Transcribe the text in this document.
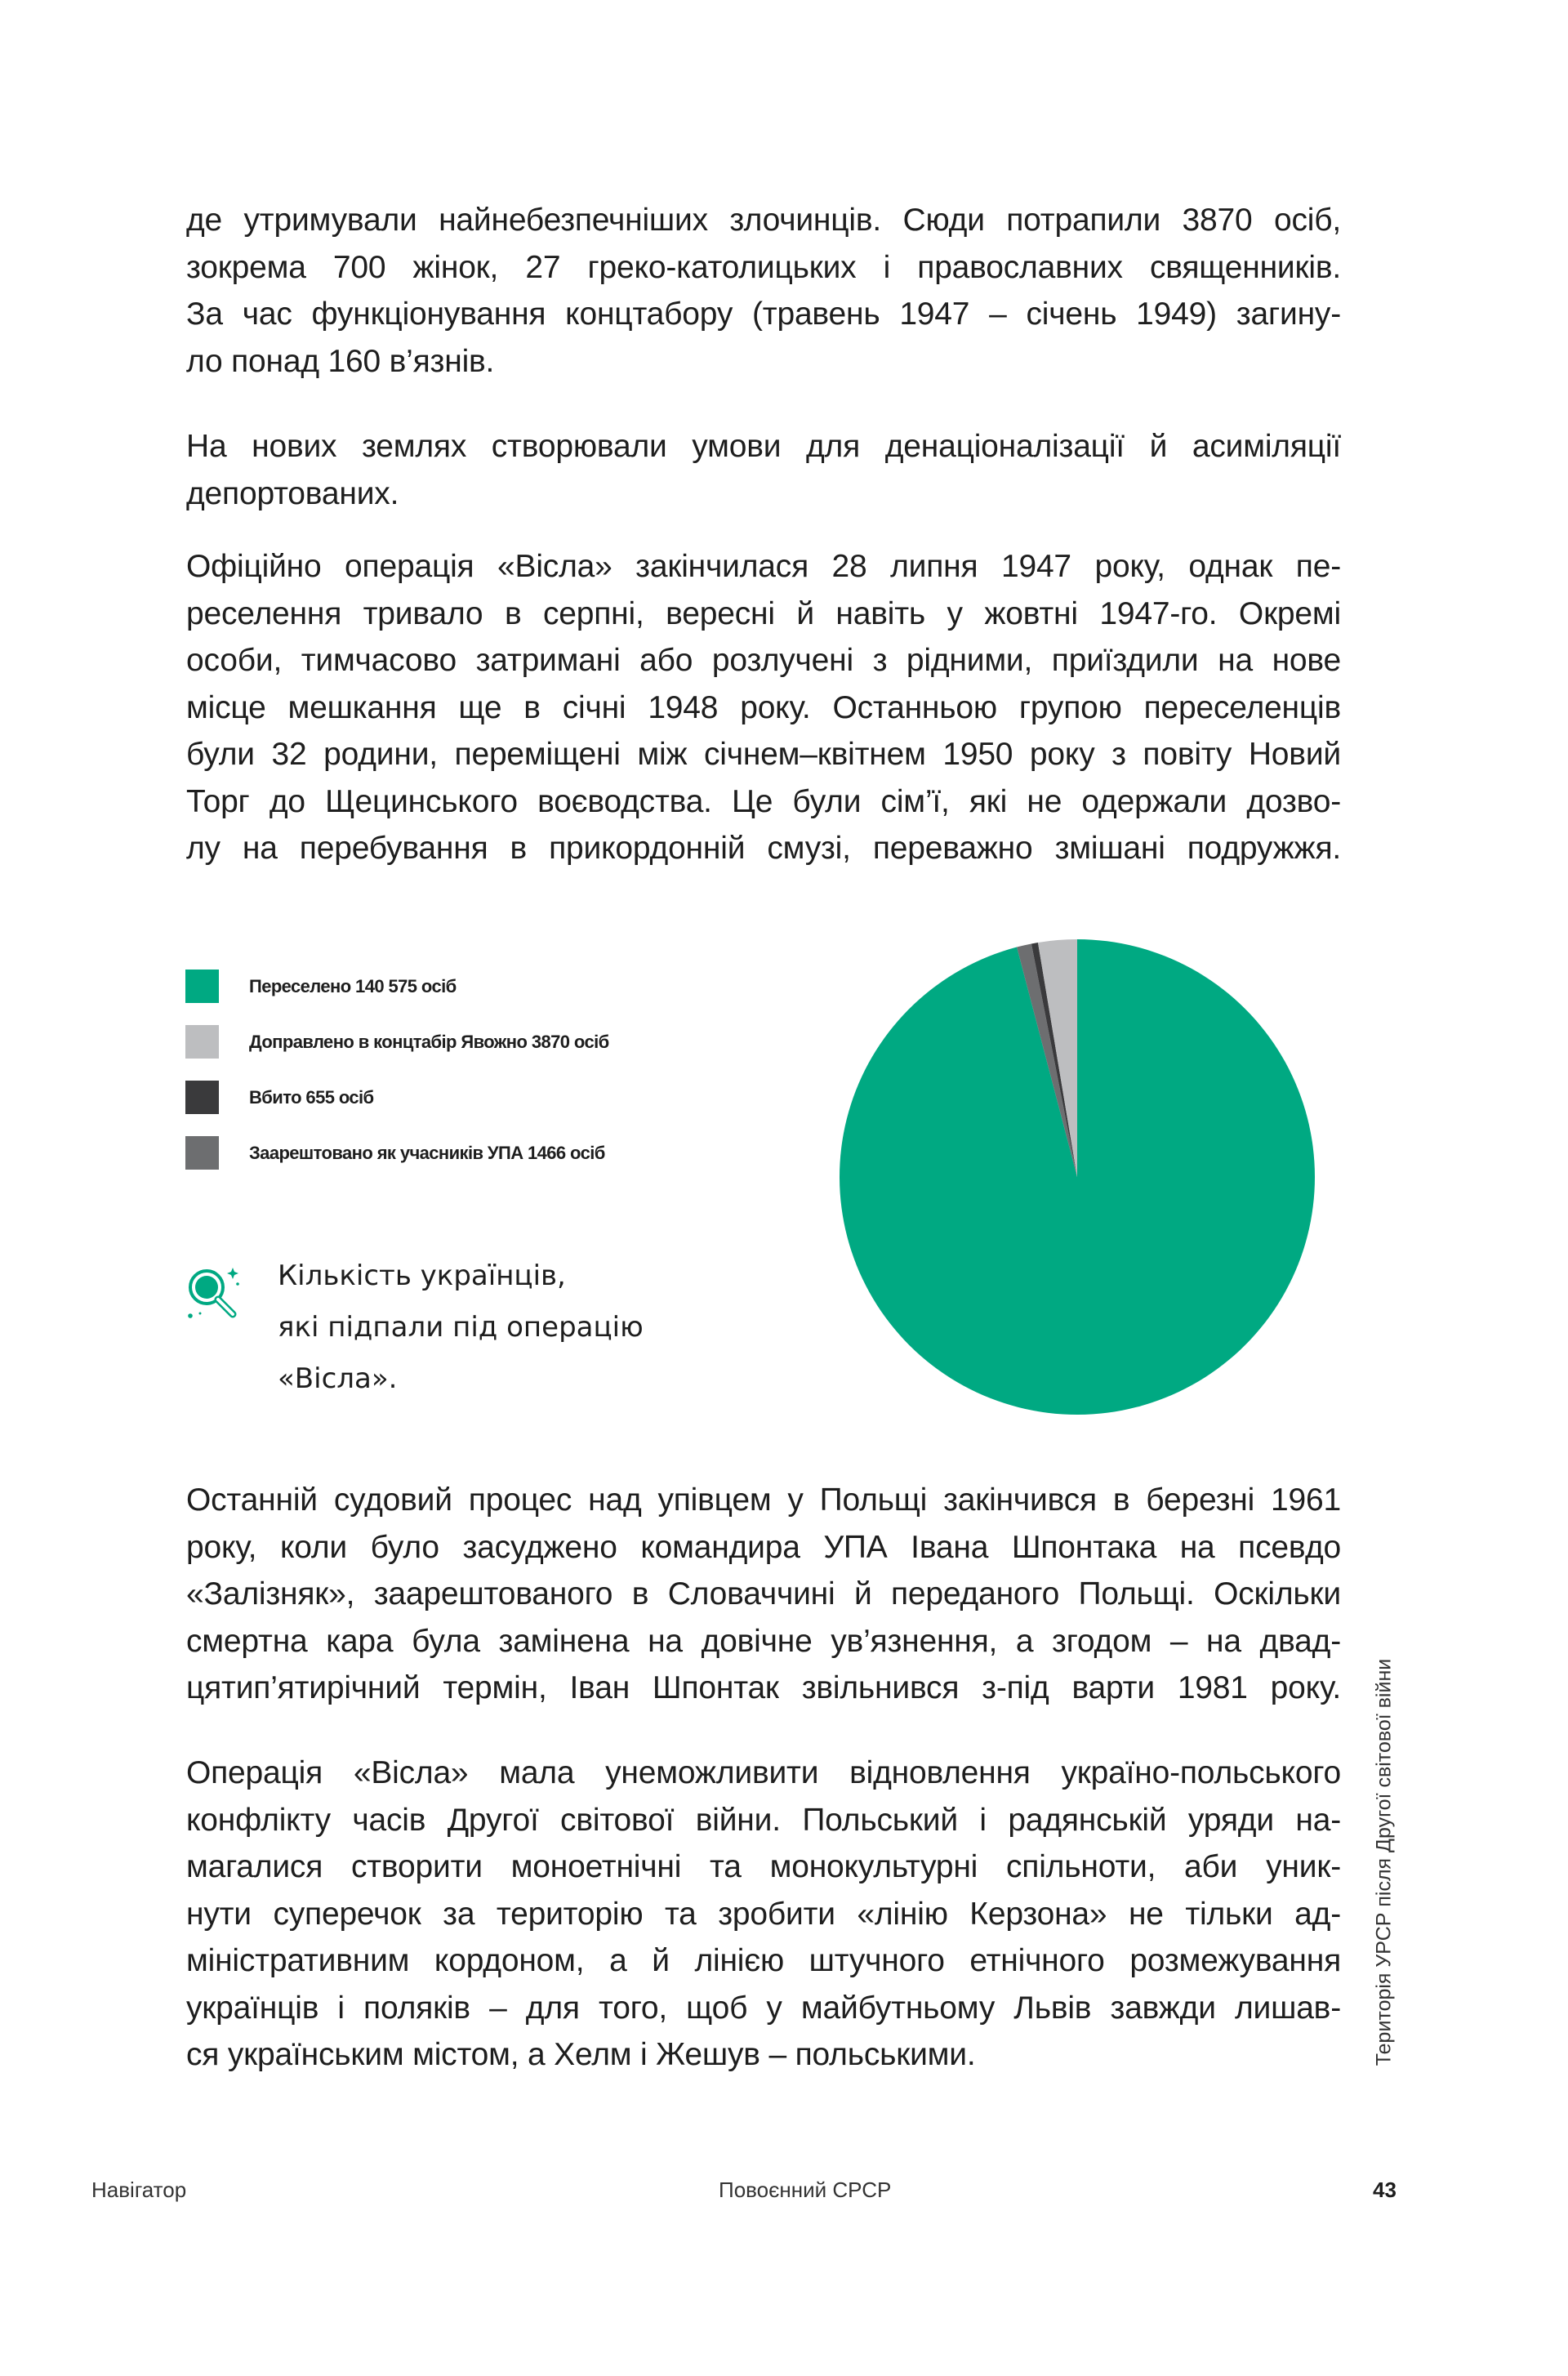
де утримували найнебезпечніших злочинців. Сюди потрапили 3870 осіб,
зокрема 700 жінок, 27 греко-католицьких і православних священників.
За час функціонування концтабору (травень 1947 – січень 1949) загину-
ло понад 160 в’язнів.
На нових землях створювали умови для денаціоналізації й асиміляції
депортованих.
Офіційно операція «Вісла» закінчилася 28 липня 1947 року, однак пе-
реселення тривало в серпні, вересні й навіть у жовтні 1947-го. Окремі
особи, тимчасово затримані або розлучені з рідними, приїздили на нове
місце мешкання ще в січні 1948 року. Останньою групою переселенців
були 32 родини, переміщені між січнем–квітнем 1950 року з повіту Новий
Торг до Щецинського воєводства. Це були сім’ї, які не одержали дозво-
лу на перебування в прикордонній смузі, переважно змішані подружжя.
Переселено 140 575 осіб
Доправлено в концтабір Явожно 3870 осіб
Вбито 655 осіб
Заарештовано як учасників УПА 1466 осіб
Кількість українців,
які підпали під операцію
«Вісла».
Останній судовий процес над упівцем у Польщі закінчився в березні 1961
року, коли було засуджено командира УПА Івана Шпонтака на псевдо
«Залізняк», заарештованого в Словаччині й переданого Польщі. Оскільки
смертна кара була замінена на довічне ув’язнення, а згодом – на двад-
цятип’ятирічний термін, Іван Шпонтак звільнився з-під варти 1981 року.
Операція «Вісла» мала унеможливити відновлення україно-польського
конфлікту часів Другої світової війни. Польський і радянській уряди на-
магалися створити моноетнічні та монокультурні спільноти, аби уник-
нути суперечок за територію та зробити «лінію Керзона» не тільки ад-
міністративним кордоном, а й лінією штучного етнічного розмежування
українців і поляків – для того, щоб у майбутньому Львів завжди лишав-
ся українським містом, а Хелм і Жешув – польськими.	Територія УРСР після Другої світової війни
Навігатор	Повоєнний СРСР	43
